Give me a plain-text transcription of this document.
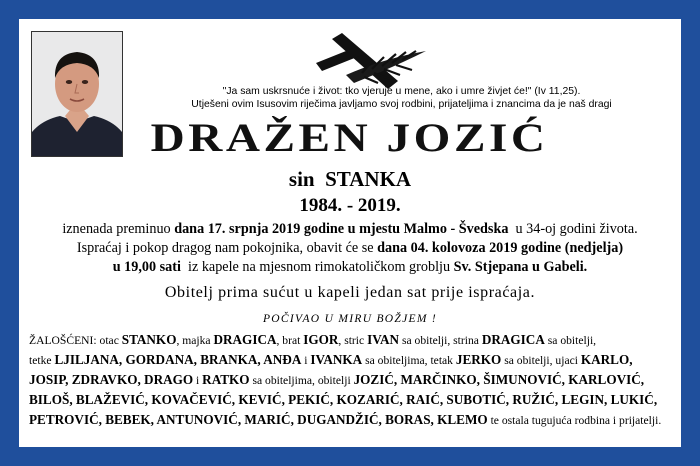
"Ja sam uskrsnuće i život: tko vjeruje u mene, ako i umre živjet će!" (Iv 11,25).
Utješeni ovim Isusovim riječima javljamo svoj rodbini, prijateljima i znancima da je naš dragi
DRAŽEN JOZIĆ
sin STANKA
1984. - 2019.
iznenada preminuo dana 17. srpnja 2019 godine u mjestu Malmo - Švedska u 34-oj godini života.
Ispraćaj i pokop dragog nam pokojnika, obavit će se dana 04. kolovoza 2019 godine (nedjelja)
u 19,00 sati iz kapele na mjesnom rimokatoličkom groblju Sv. Stjepana u Gabeli.
Obitelj prima sućut u kapeli jedan sat prije ispraćaja.
POČIVAO U MIRU BOŽJEM !
ŽALOŠĆENI: otac STANKO, majka DRAGICA, brat IGOR, stric IVAN sa obitelji, strina DRAGICA sa obitelji,
tetke LJILJANA, GORDANA, BRANKA, ANĐA i IVANKA sa obiteljima, tetak JERKO sa obitelji, ujaci KARLO,
JOSIP, ZDRAVKO, DRAGO i RATKO sa obiteljima, obitelji JOZIĆ, MARČINKO, ŠIMUNOVIĆ, KARLOVIĆ,
BILOŠ, BLAŽEVIĆ, KOVAČEVIĆ, KEVIĆ, PEKIĆ, KOZARIĆ, RAIĆ, SUBOTIĆ, RUŽIĆ, LEGIN, LUKIĆ,
PETROVIĆ, BEBEK, ANTUNOVIĆ, MARIĆ, DUGANDŽIĆ, BORAS, KLEMO te ostala tugujuća rodbina i prijatelji.
